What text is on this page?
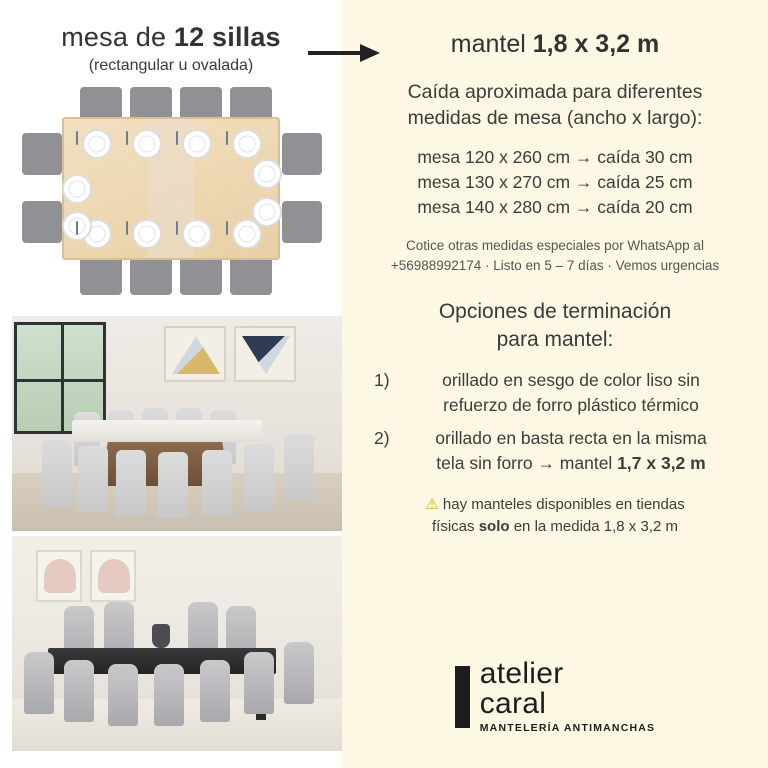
mesa de 12 sillas
(rectangular u ovalada)
mantel 1,8 x 3,2 m
Caída aproximada para diferentes
medidas de mesa (ancho x largo):
mesa 120 x 260 cm → caída 30 cm
mesa 130 x 270 cm → caída 25 cm
mesa 140 x 280 cm → caída 20 cm
Cotice otras medidas especiales por WhatsApp al
+56988992174 · Listo en 5 – 7 días · Vemos urgencias
Opciones de terminación
para mantel:
1)	orillado en sesgo de color liso sin
refuerzo de forro plástico térmico
2)	orillado en basta recta en la misma
tela sin forro → mantel 1,7 x 3,2 m
⚠ hay manteles disponibles en tiendas
físicas solo en la medida 1,8 x 3,2 m
atelier
caral
MANTELERÍA ANTIMANCHAS
